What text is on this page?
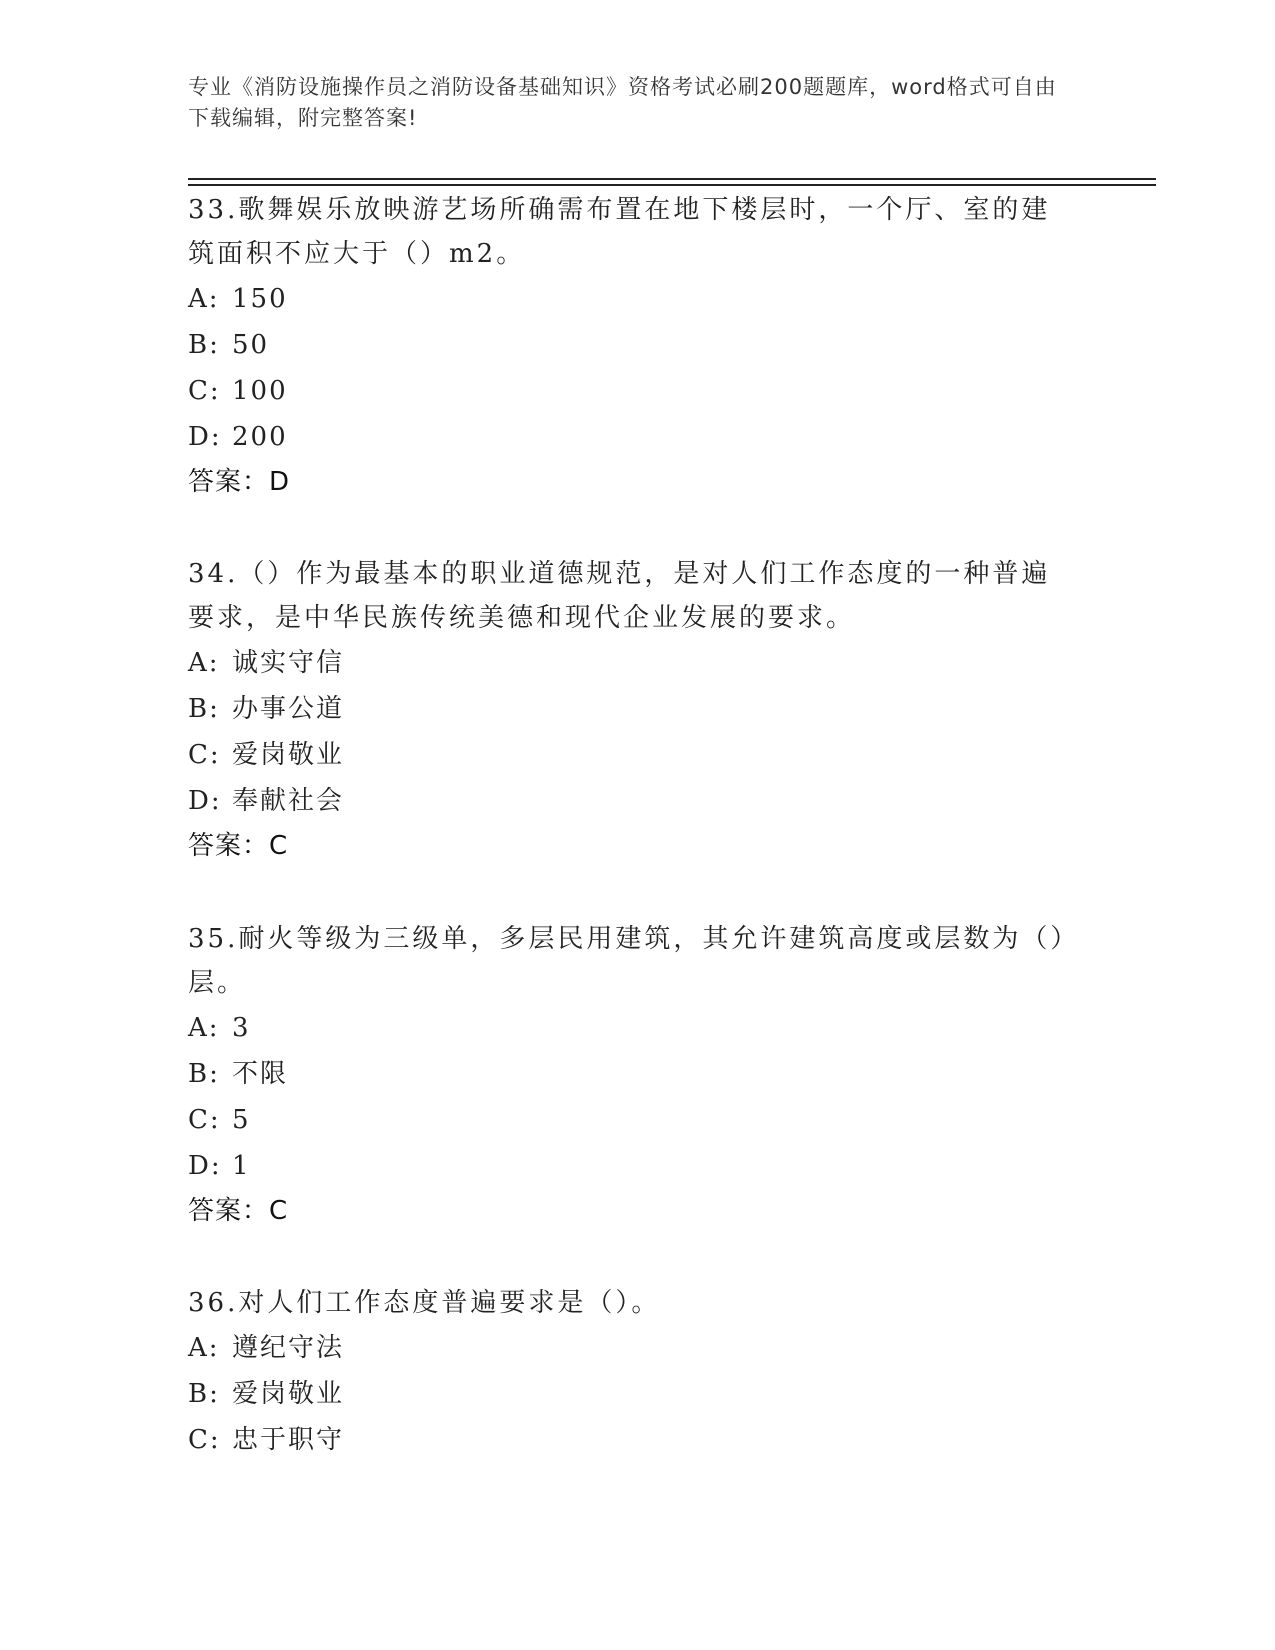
专业《消防设施操作员之消防设备基础知识》资格考试必刷200题题库，word格式可自由下载编辑，附完整答案!

33.歌舞娱乐放映游艺场所确需布置在地下楼层时，一个厅、室的建筑面积不应大于（）m2。

A: 150
B: 50
C: 100
D: 200
答案：D

34.（）作为最基本的职业道德规范，是对人们工作态度的一种普遍要求，是中华民族传统美德和现代企业发展的要求。

A: 诚实守信
B: 办事公道
C: 爱岗敬业
D: 奉献社会
答案：C

35.耐火等级为三级单，多层民用建筑，其允许建筑高度或层数为（）层。

A: 3
B: 不限
C: 5
D: 1
答案：C

36.对人们工作态度普遍要求是（）。

A: 遵纪守法
B: 爱岗敬业
C: 忠于职守
